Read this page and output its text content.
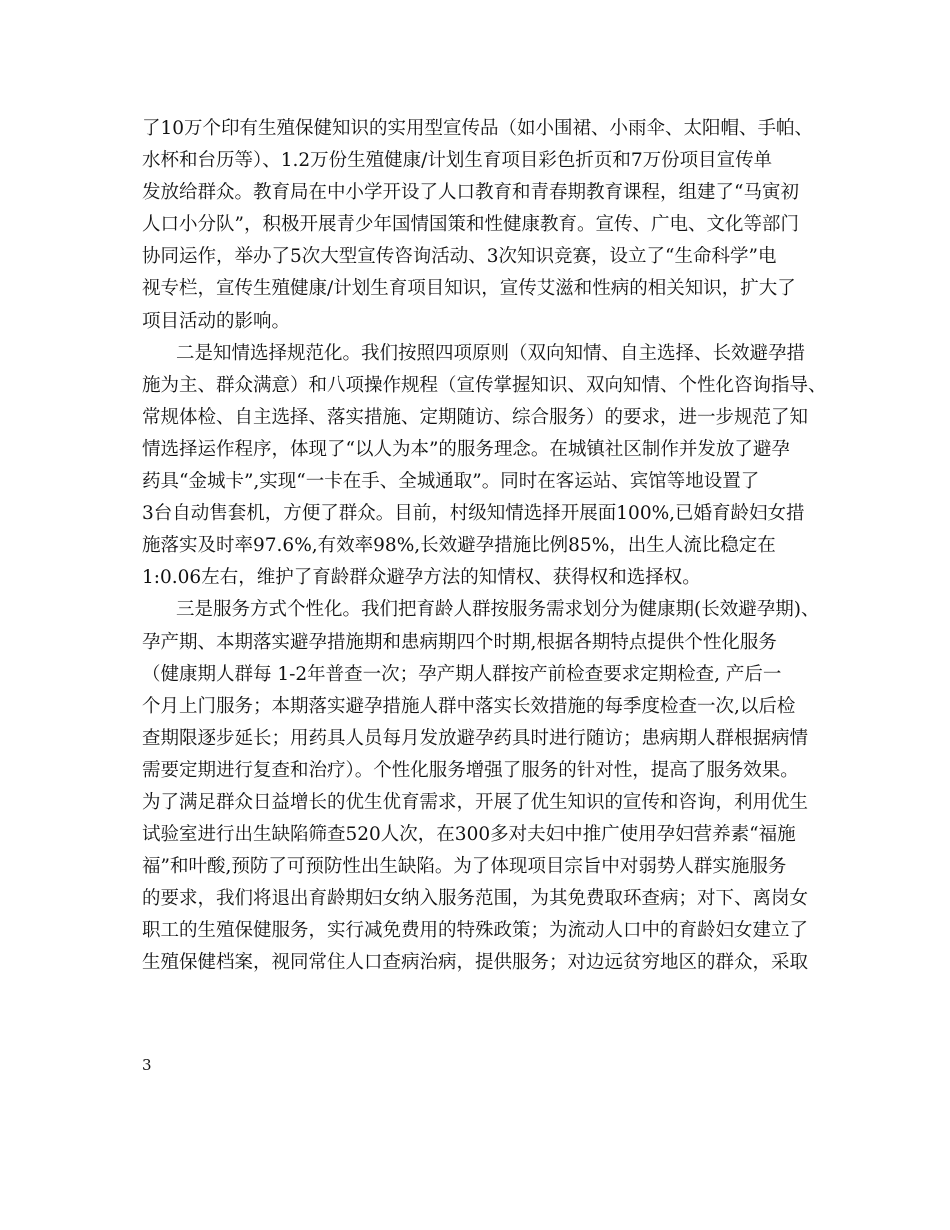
了10万个印有生殖保健知识的实用型宣传品（如小围裙、小雨伞、太阳帽、手帕、
水杯和台历等）、1.2万份生殖健康/计划生育项目彩色折页和7万份项目宣传单
发放给群众。教育局在中小学开设了人口教育和青春期教育课程，组建了“马寅初
人口小分队”，积极开展青少年国情国策和性健康教育。宣传、广电、文化等部门
协同运作，举办了5次大型宣传咨询活动、3次知识竞赛，设立了“生命科学”电
视专栏，宣传生殖健康/计划生育项目知识，宣传艾滋和性病的相关知识，扩大了
项目活动的影响。
二是知情选择规范化。我们按照四项原则（双向知情、自主选择、长效避孕措
施为主、群众满意）和八项操作规程（宣传掌握知识、双向知情、个性化咨询指导、
常规体检、自主选择、落实措施、定期随访、综合服务）的要求，进一步规范了知
情选择运作程序，体现了“以人为本”的服务理念。在城镇社区制作并发放了避孕
药具“金城卡”,实现“一卡在手、全城通取”。同时在客运站、宾馆等地设置了
3台自动售套机，方便了群众。目前，村级知情选择开展面100%,已婚育龄妇女措
施落实及时率97.6%,有效率98%,长效避孕措施比例85%，出生人流比稳定在
1:0.06左右，维护了育龄群众避孕方法的知情权、获得权和选择权。
三是服务方式个性化。我们把育龄人群按服务需求划分为健康期(长效避孕期)、
孕产期、本期落实避孕措施期和患病期四个时期,根据各期特点提供个性化服务
（健康期人群每 1-2年普查一次；孕产期人群按产前检查要求定期检查, 产后一
个月上门服务；本期落实避孕措施人群中落实长效措施的每季度检查一次,以后检
查期限逐步延长；用药具人员每月发放避孕药具时进行随访；患病期人群根据病情
需要定期进行复查和治疗）。个性化服务增强了服务的针对性，提高了服务效果。
为了满足群众日益增长的优生优育需求，开展了优生知识的宣传和咨询，利用优生
试验室进行出生缺陷筛查520人次，在300多对夫妇中推广使用孕妇营养素“福施
福”和叶酸,预防了可预防性出生缺陷。为了体现项目宗旨中对弱势人群实施服务
的要求，我们将退出育龄期妇女纳入服务范围，为其免费取环查病；对下、离岗女
职工的生殖保健服务，实行减免费用的特殊政策；为流动人口中的育龄妇女建立了
生殖保健档案，视同常住人口查病治病，提供服务；对边远贫穷地区的群众，采取
3
